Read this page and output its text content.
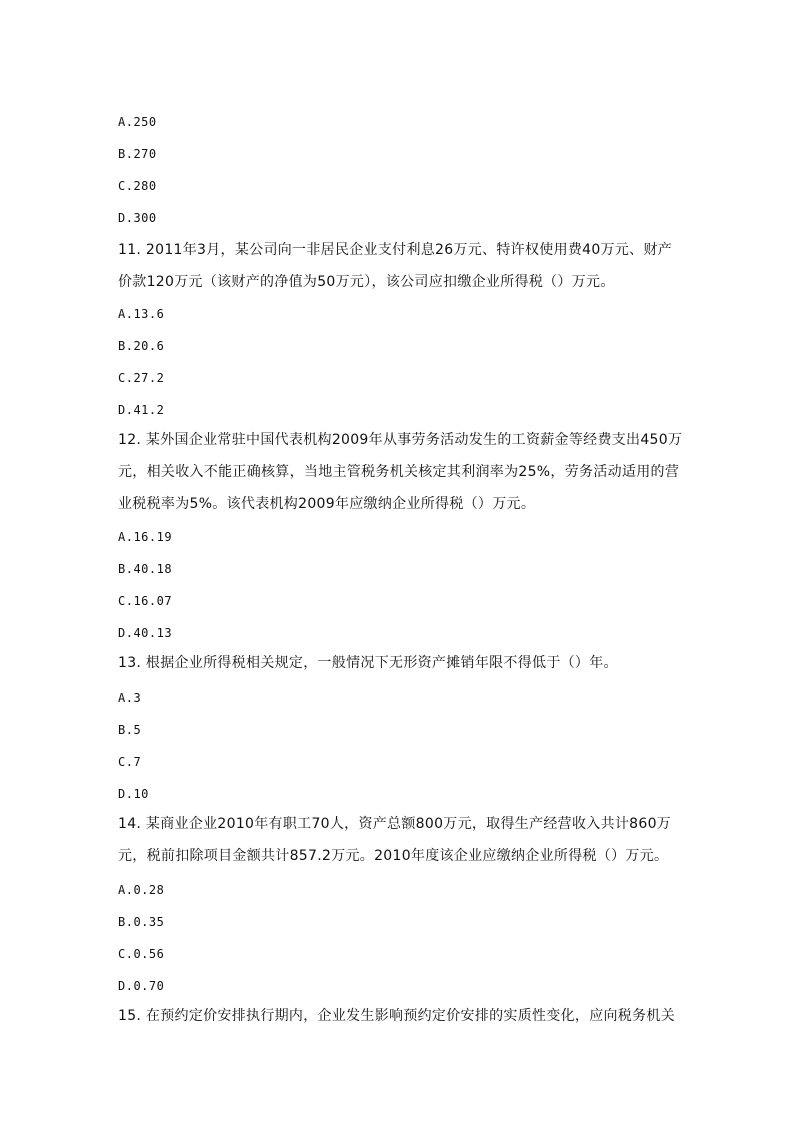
A.250
B.270
C.280
D.300
11. 2011年3月，某公司向一非居民企业支付利息26万元、特许权使用费40万元、财产
价款120万元（该财产的净值为50万元），该公司应扣缴企业所得税（）万元。
A.13.6
B.20.6
C.27.2
D.41.2
12. 某外国企业常驻中国代表机构2009年从事劳务活动发生的工资薪金等经费支出450万
元，相关收入不能正确核算，当地主管税务机关核定其利润率为25%，劳务活动适用的营
业税税率为5%。该代表机构2009年应缴纳企业所得税（）万元。
A.16.19
B.40.18
C.16.07
D.40.13
13. 根据企业所得税相关规定，一般情况下无形资产摊销年限不得低于（）年。
A.3
B.5
C.7
D.10
14. 某商业企业2010年有职工70人，资产总额800万元，取得生产经营收入共计860万
元，税前扣除项目金额共计857.2万元。2010年度该企业应缴纳企业所得税（）万元。
A.0.28
B.0.35
C.0.56
D.0.70
15. 在预约定价安排执行期内，企业发生影响预约定价安排的实质性变化，应向税务机关
